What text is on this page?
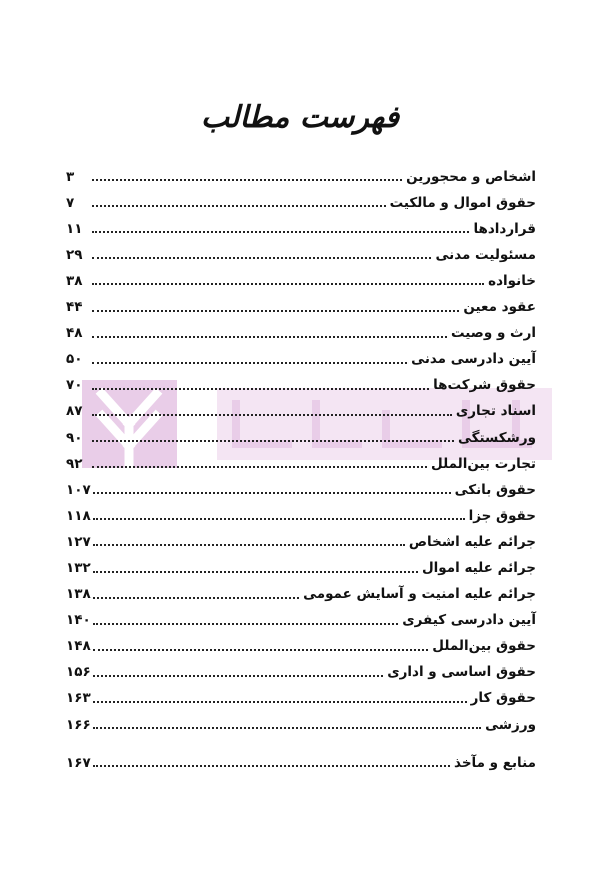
فهرست مطالب
اشخاص و محجورین
۳
حقوق اموال و مالکیت
۷
قراردادها
۱۱
مسئولیت مدنی
۲۹
خانواده
۳۸
عقود معین
۴۴
ارث و وصیت
۴۸
آیین دادرسی مدنی
۵۰
حقوق شرکت‌ها
۷۰
اسناد تجاری
۸۷
ورشکستگی
۹۰
تجارت بین‌الملل
۹۲
حقوق بانکی
۱۰۷
حقوق جزا
۱۱۸
جرائم علیه اشخاص
۱۲۷
جرائم علیه اموال
۱۳۲
جرائم علیه امنیت و آسایش عمومی
۱۳۸
آیین دادرسی کیفری
۱۴۰
حقوق بین‌الملل
۱۴۸
حقوق اساسی و اداری
۱۵۶
حقوق کار
۱۶۳
ورزشی
۱۶۶
منابع و مآخذ
۱۶۷
